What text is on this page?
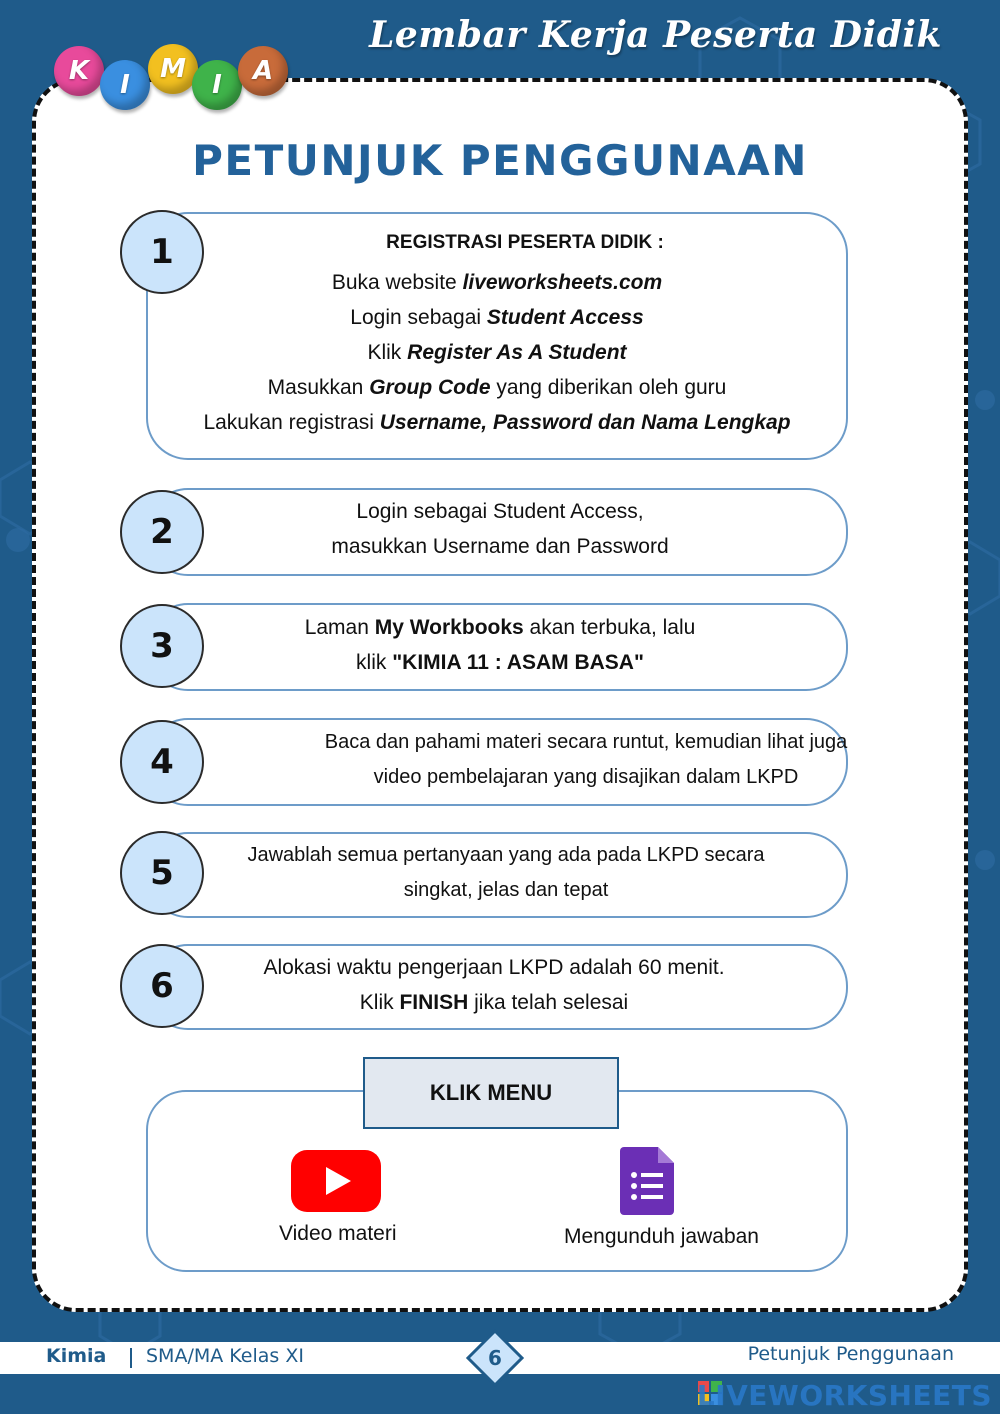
Lembar Kerja Peserta Didik
K I
M
I A
PETUNJUK PENGGUNAAN
1	REGISTRASI PESERTA DIDIK :
Buka website liveworksheets.com
Login sebagai Student Access
Klik Register As A Student
Masukkan Group Code yang diberikan oleh guru
Lakukan registrasi Username, Password dan Nama Lengkap
2
Login sebagai Student Access,
masukkan Username dan Password
3	Laman My Workbooks akan terbuka, lalu
klik "KIMIA 11 : ASAM BASA"
4	Baca dan pahami materi secara runtut, kemudian lihat juga
video pembelajaran yang disajikan dalam LKPD
5	Jawablah semua pertanyaan yang ada pada LKPD secara
singkat, jelas dan tepat
6	Alokasi waktu pengerjaan LKPD adalah 60 menit.
Klik FINISH jika telah selesai
KLIK MENU
Video materi	Mengunduh jawaban
Kimia SMA/MA Kelas XI	Petunjuk Penggunaan
6
LIVEWORKSHEETS
